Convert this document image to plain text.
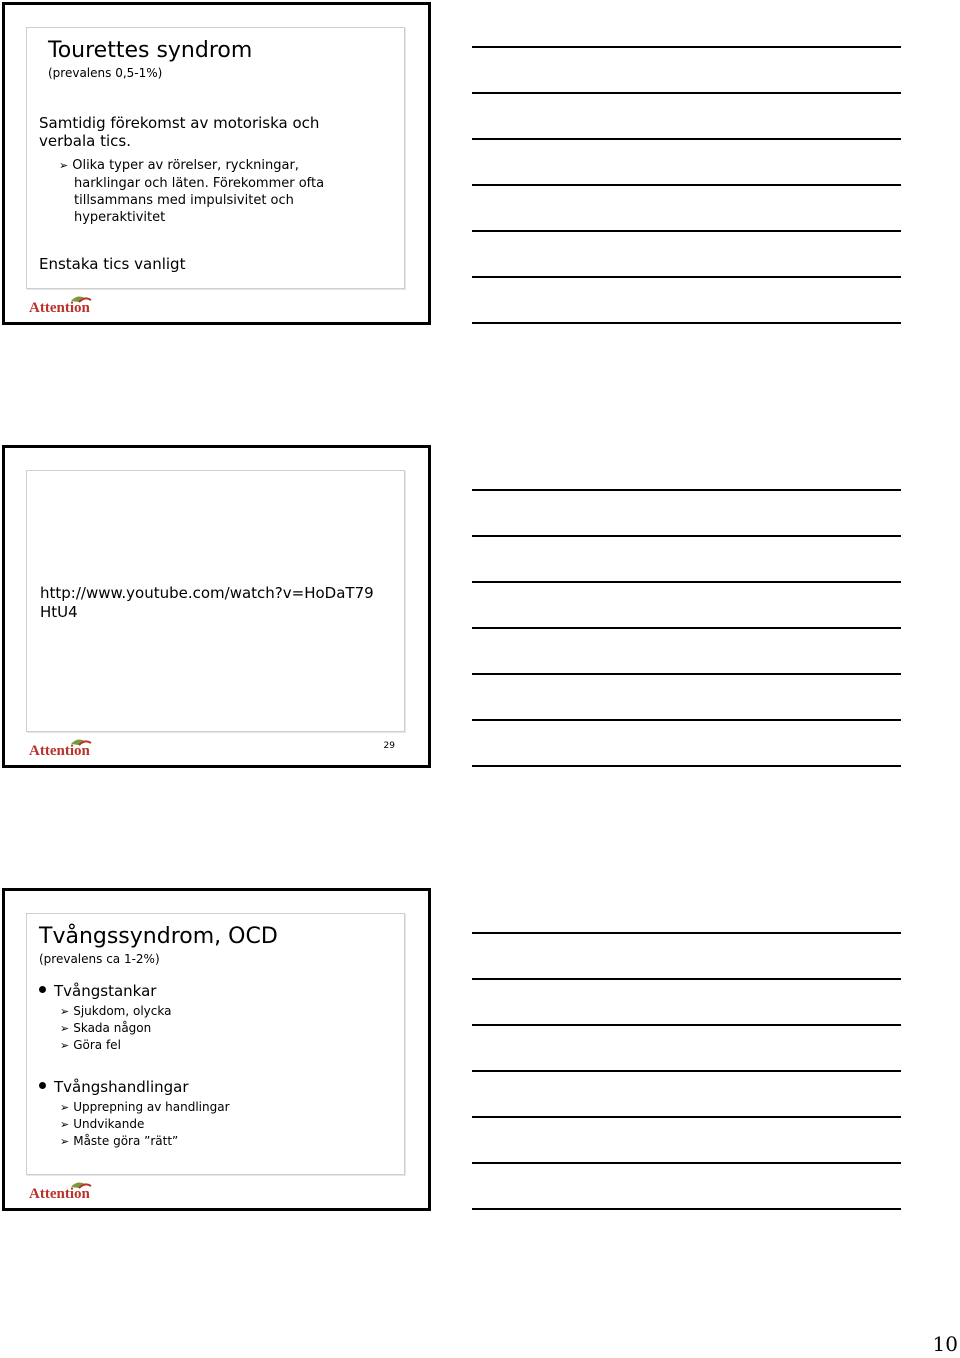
Tourettes syndrom
(prevalens 0,5-1%)
Samtidig förekomst av motoriska och
verbala tics.
➢ Olika typer av rörelser, ryckningar,
harklingar och läten. Förekommer ofta
tillsammans med impulsivitet och
hyperaktivitet
Enstaka tics vanligt
Attention
http://www.youtube.com/watch?v=HoDaT79
HtU4
Attention	29
Tvångssyndrom, OCD
(prevalens ca 1-2%)
Tvångstankar
➢ Sjukdom, olycka
➢ Skada någon
➢ Göra fel
Tvångshandlingar
➢ Upprepning av handlingar
➢ Undvikande
➢ Måste göra ”rätt”
Attention
10
